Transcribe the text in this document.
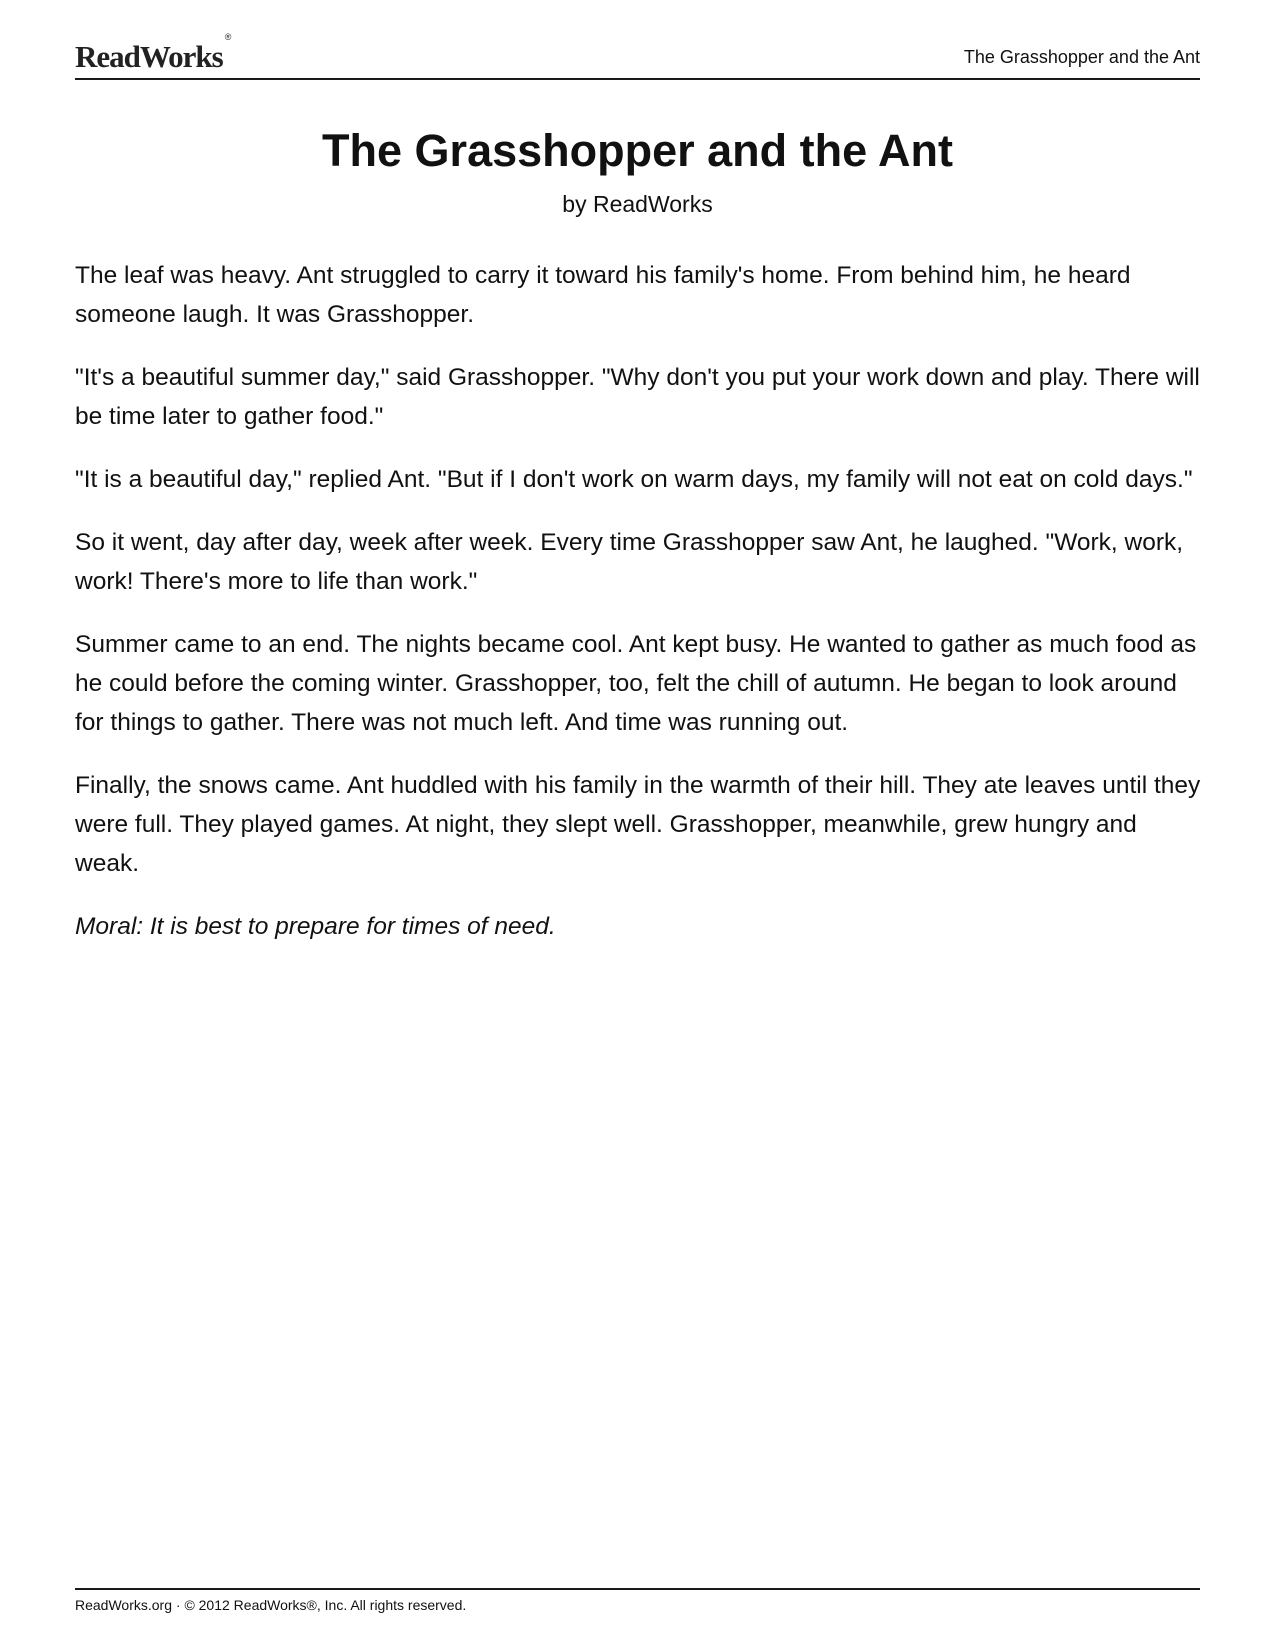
ReadWorks®
The Grasshopper and the Ant
The Grasshopper and the Ant
by ReadWorks

The leaf was heavy. Ant struggled to carry it toward his family's home. From behind him, he heard someone laugh. It was Grasshopper.

"It's a beautiful summer day," said Grasshopper. "Why don't you put your work down and play. There will be time later to gather food."

"It is a beautiful day," replied Ant. "But if I don't work on warm days, my family will not eat on cold days."

So it went, day after day, week after week. Every time Grasshopper saw Ant, he laughed. "Work, work, work! There's more to life than work."

Summer came to an end. The nights became cool. Ant kept busy. He wanted to gather as much food as he could before the coming winter. Grasshopper, too, felt the chill of autumn. He began to look around for things to gather. There was not much left. And time was running out.

Finally, the snows came. Ant huddled with his family in the warmth of their hill. They ate leaves until they were full. They played games. At night, they slept well. Grasshopper, meanwhile, grew hungry and weak.

Moral: It is best to prepare for times of need.

ReadWorks.org · © 2012 ReadWorks®, Inc. All rights reserved.
